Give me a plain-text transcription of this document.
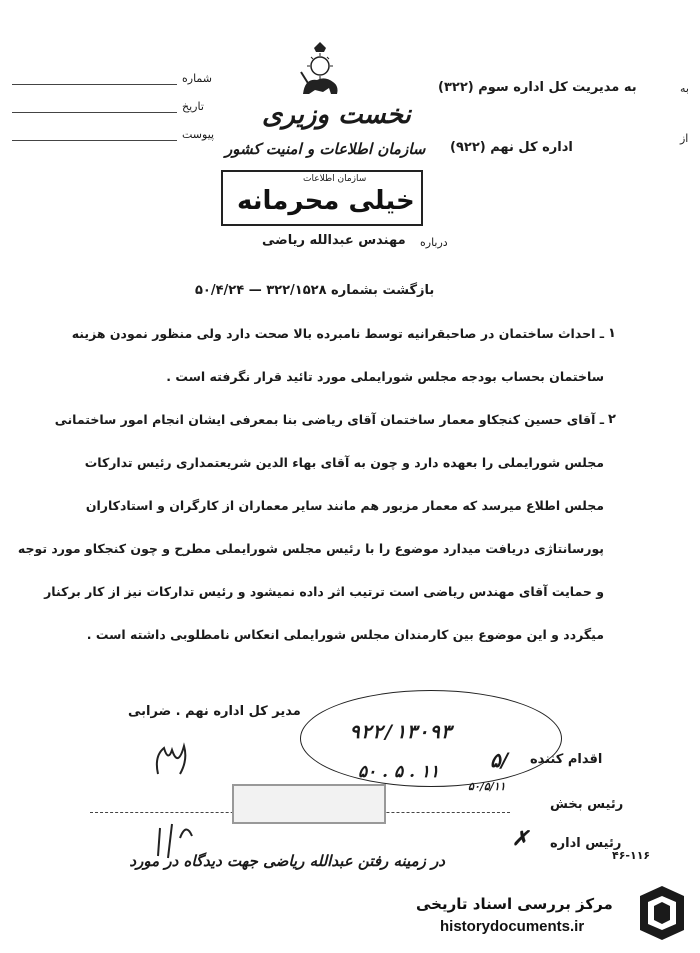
شماره
تاریخ
پیوست
نخست وزیری
سازمان اطلاعات و امنیت کشور
سازمان اطلاعات
خیلی محرمانه
درباره
مهندس عبدالله ریاضی
به
به مدیریت کل اداره سوم (۳۲۲)
از
اداره کل نهم (۹۲۲)
بازگشت بشماره ۳۲۲/۱۵۲۸ — ۵۰/۴/۲۴
۱
ـ احداث ساختمان در صاحبقرانیه توسط نامبرده بالا صحت دارد ولی منظور نمودن هزینه
ساختمان بحساب بودجه مجلس شورایملی مورد تائید قرار نگرفته است .
۲
ـ آقای حسین کنجکاو معمار ساختمان آقای ریاضی بنا بمعرفی ایشان انجام امور ساختمانی
مجلس شورایملی را بعهده دارد و چون به آقای بهاء الدین شریعتمداری رئیس تدارکات
مجلس اطلاع میرسد که معمار مزبور هم مانند سایر معماران از کارگران و استادکاران
پورسانتاژی دریافت میدارد موضوع را با رئیس مجلس شورایملی مطرح و چون کنجکاو مورد توجه
و حمایت آقای مهندس ریاضی است ترتیب اثر داده نمیشود و رئیس تدارکات نیز از کار برکنار
میگردد و این موضوع بین کارمندان مجلس شورایملی انعکاس نامطلوبی داشته است .
مدیر کل اداره نهم . ضرابی
۹۲۲/۱۳۰۹۳
۵۰ . ۵ . ۱۱
اقدام کننده
۵/
۵۰/۵/۱۱
رئیس بخش
رئیس اداره
✗
در زمینه رفتن عبدالله ریاضی جهت دیدگاه در مورد	۴۶-۱۱۶
مرکز بررسی اسناد تاریخی
historydocuments.ir
